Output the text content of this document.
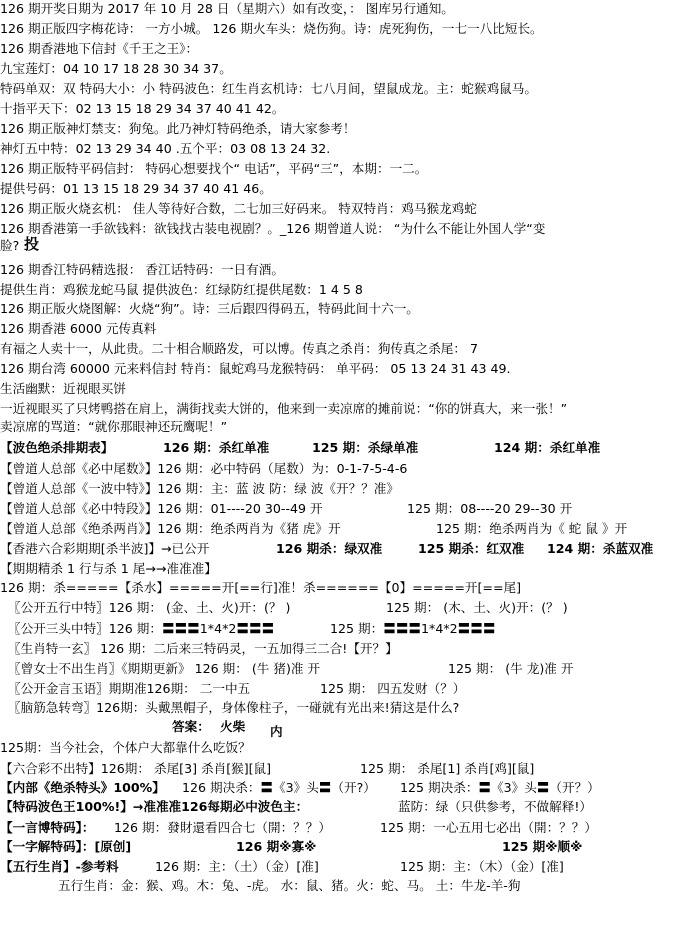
126 期开奖日期为 2017 年 10 月 28 日（星期六）如有改变，： 图库另行通知。
126 期正版四字梅花诗： 一方小城。 126 期火车头：烧伤狗。诗：虎死狗伤，一七一八比短长。
126 期香港地下信封《千王之王》：
九宝莲灯：04 10 17 18 28 30 34 37。
特码单双：双 特码大小：小 特码波色：红生肖玄机诗：七八月间，望鼠成龙。主：蛇猴鸡鼠马。
十指平天下：02 13 15 18 29 34 37 40 41 42。
126 期正版神灯禁支：狗兔。此乃神灯特码绝杀，请大家参考！
神灯五中特：02 13 29 34 40 .五个平：03 08 13 24 32.
126 期正版特平码信封： 特码心想要找个“ 电话”，平码“三”，本期：一二。
提供号码：01 13 15 18 29 34 37 40 41 46。
126 期正版火烧玄机： 佳人等待好合数，二七加三好码来。 特双特肖：鸡马猴龙鸡蛇
126 期香港第一手欲钱料：欲钱找古装电视剧？。_126 期曾道人说： “为什么不能让外国人学“变
脸? 投
126 期香江特码精选报： 香江话特码：一日有酒。
提供生肖：鸡猴龙蛇马鼠 提供波色：红绿防红提供尾数：1 4 5 8
126 期正版火烧图解：火烧“狗”。诗：三后跟四得码五，特码此间十六一。
126 期香港 6000 元传真料
有福之人卖十一，从此贵。二十相合顺路发，可以博。传真之杀肖：狗传真之杀尾： 7
126 期台湾 60000 元来料信封 特肖：鼠蛇鸡马龙猴特码： 单平码： 05 13 24 31 43 49.
生活幽默：近视眼买饼
一近视眼买了只烤鸭搭在肩上，满街找卖大饼的，他来到一卖凉席的摊前说：“你的饼真大，来一张！”
卖凉席的骂道：“就你那眼神还玩鹰呢！”
【波色绝杀排期表】	126 期：杀红单准	125 期：杀绿单准	124 期：杀红单准
【曾道人总部《必中尾数》】126 期：必中特码（尾数）为：0-1-7-5-4-6
【曾道人总部《一波中特》】126 期：主：蓝 波 防：绿 波《开？？准》
【曾道人总部《必中特段》】126 期：01----20 30--49 开	125 期：08----20 29--30 开
【曾道人总部《绝杀两肖》】126 期：绝杀两肖为《猪 虎》开	125 期：绝杀两肖为《 蛇 鼠 》开
【香港六合彩期期[杀半波]】→已公开	126 期杀：绿双准	125 期杀：红双准 124 期：杀蓝双准
【期期精杀 1 行与杀 1 尾→→准准准】
126 期：杀=====【杀水】=====开[==行]准！杀======【0】=====开[==尾]
〖公开五行中特〗126 期： (金、土、火)开：(？ )	125 期： (木、土、火)开：(？ )
〖公开三头中特〗126 期：〓〓〓1*4*2〓〓〓	125 期：〓〓〓1*4*2〓〓〓
〖生肖特一玄〗 126 期：二后来三特码灵，一五加得三二合!【开？】
〖曾女士不出生肖〗《期期更新》 126 期： (牛 猪)准 开	125 期： (牛 龙)准 开
〖公开金言玉语〗期期准126期： 二一中五	125 期： 四五发财（？）
〖脑筋急转弯〗126期：头戴黑帽子，身体像柱子，一碰就有光出来!猜这是什么?
答案： 火柴 内
125期：当今社会，个体户大都靠什么吃饭？
【六合彩不出特】126期： 杀尾[3] 杀肖[猴][鼠]	125 期： 杀尾[1] 杀肖[鸡][鼠]
【内部《绝杀特头》100%】 126 期决杀：〓《3》头〓（开?） 125 期决杀：〓《3》头〓（开？）
【特码波色王100%!】→准准准126每期必中波色主：	蓝防：绿（只供参考，不做解释!）
【一言博特码】： 126 期：發財還看四合七（開：？？）	125 期：一心五用七必出（開：？？）
【一字解特码】：[原创]	126 期※寡※	125 期※顺※
【五行生肖】-参考料	126 期：主：（土）（金）[准]	125 期：主：（木）（金）[准]
五行生肖：金：猴、鸡。木：兔、-虎。 水：鼠、猪。火：蛇、马。 土：牛龙-羊-狗
